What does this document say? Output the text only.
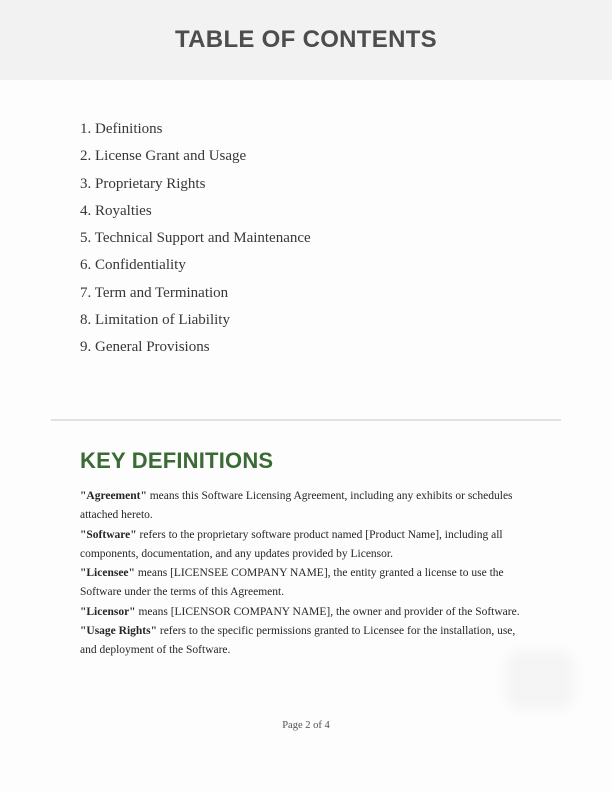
TABLE OF CONTENTS
1. Definitions
2. License Grant and Usage
3. Proprietary Rights
4. Royalties
5. Technical Support and Maintenance
6. Confidentiality
7. Term and Termination
8. Limitation of Liability
9. General Provisions
KEY DEFINITIONS

"Agreement" means this Software Licensing Agreement, including any exhibits or schedules attached hereto.

"Software" refers to the proprietary software product named [Product Name], including all components, documentation, and any updates provided by Licensor.

"Licensee" means [LICENSEE COMPANY NAME], the entity granted a license to use the Software under the terms of this Agreement.

"Licensor" means [LICENSOR COMPANY NAME], the owner and provider of the Software.

"Usage Rights" refers to the specific permissions granted to Licensee for the installation, use, and deployment of the Software.

Page 2 of 4
